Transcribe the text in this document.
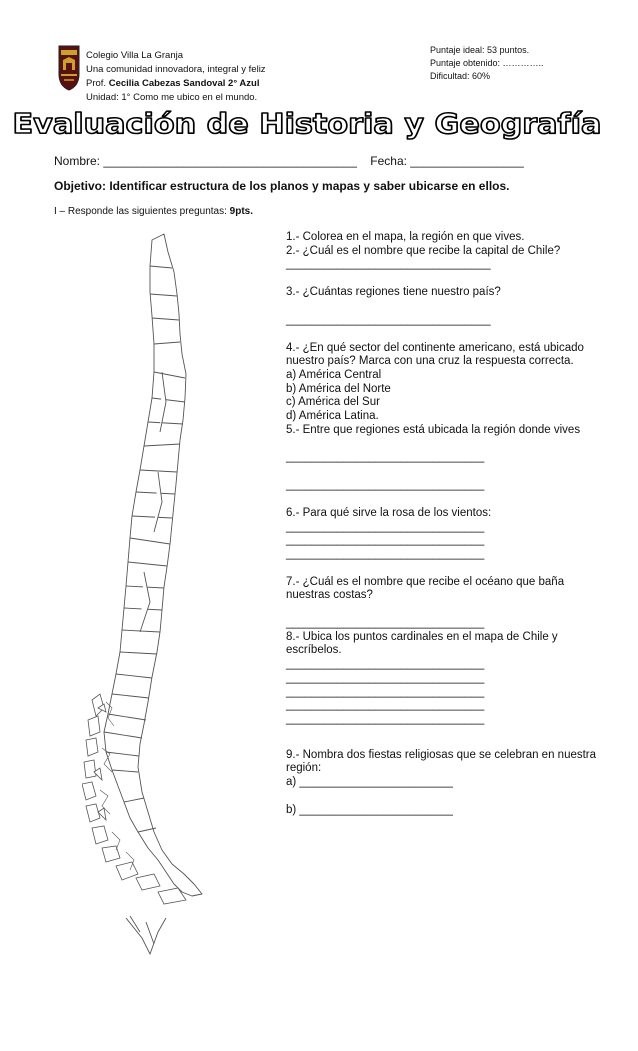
Colegio Villa La Granja
Una comunidad innovadora, integral y feliz
Prof. Cecilia Cabezas Sandoval 2° Azul
Unidad: 1° Como me ubico en el mundo.
Puntaje ideal: 53 puntos.
Puntaje obtenido: …………..
Dificultad: 60%
Evaluación de Historia y Geografía
Nombre: ______________________________________    Fecha: _________________
Objetivo: Identificar estructura de los planos y mapas y saber ubicarse en ellos.
I – Responde las siguientes preguntas: 9pts.

1.- Colorea en el mapa, la región en que vives.

2.- ¿Cuál es el nombre que recibe la capital de Chile?

________________________________

3.- ¿Cuántas regiones tiene nuestro país?

________________________________

4.- ¿En qué sector del continente americano, está ubicado nuestro país? Marca con una cruz la respuesta correcta.

a) América Central

b) América del Norte

c) América del Sur

d) América Latina.

5.- Entre que regiones está ubicada la región donde vives

_______________________________
_______________________________

6.- Para qué sirve la rosa de los vientos:

_______________________________
_______________________________
_______________________________

7.- ¿Cuál es el nombre que recibe el océano que baña nuestras costas?

_______________________________

8.- Ubica los puntos cardinales en el mapa de Chile y escríbelos.

_______________________________
_______________________________
_______________________________
_______________________________
_______________________________

9.- Nombra dos fiestas religiosas que se celebran en nuestra región:

a) ________________________
b) ________________________
